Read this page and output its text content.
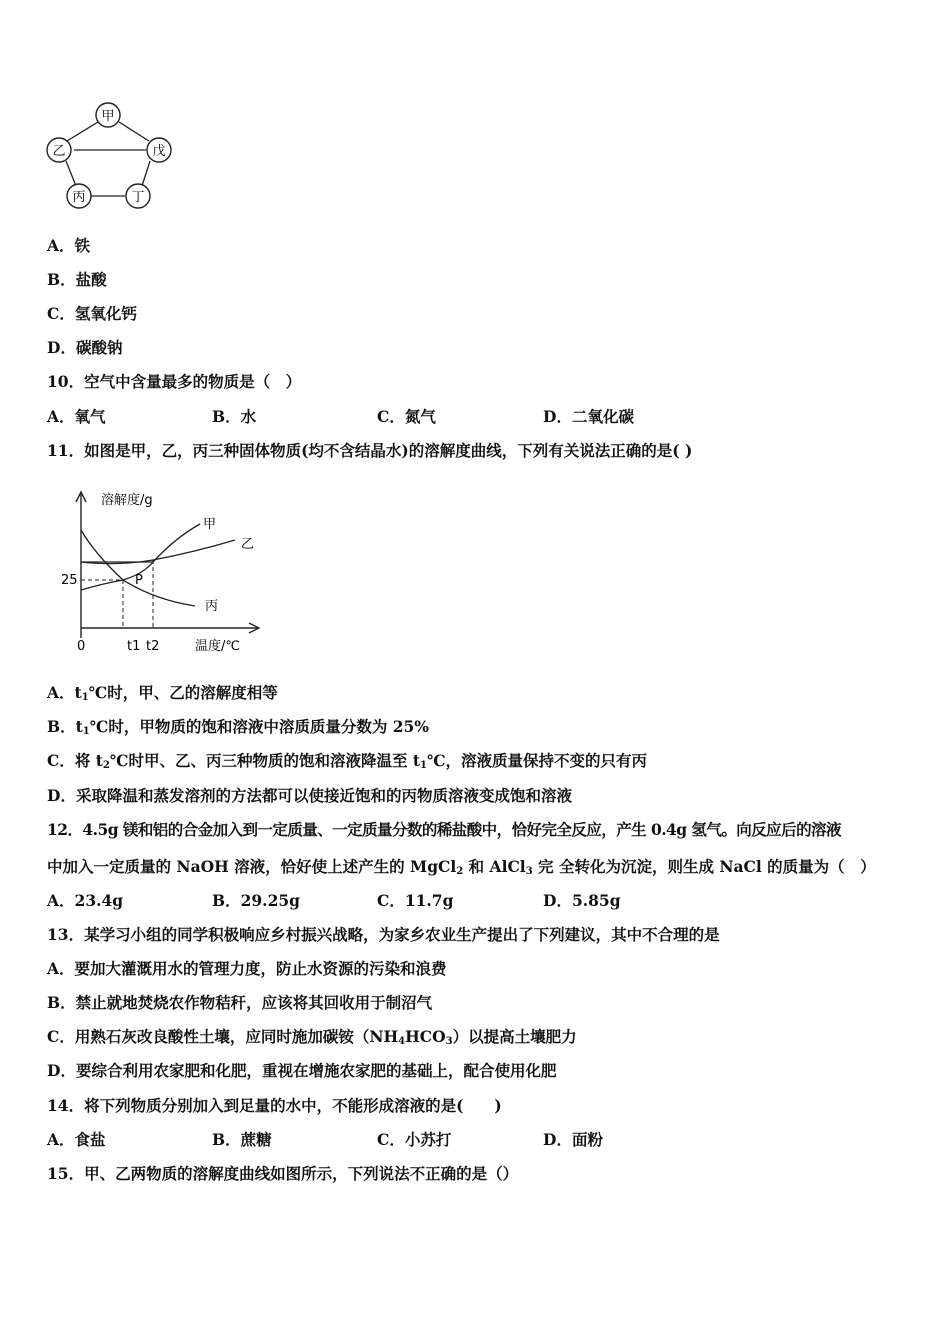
甲
乙	戊
丙	丁
A．铁
B．盐酸
C．氢氧化钙
D．碳酸钠
10．空气中含量最多的物质是（　）
A．氧气	B．水	C．氮气	D．二氧化碳
11．如图是甲，乙，丙三种固体物质(均不含结晶水)的溶解度曲线，下列有关说法正确的是( )
溶解度/g
温度/℃
0
25
t1 t2
P
甲
乙
丙
A．$t_1℃$时，甲、乙的溶解度相等
B．$t_1℃$时，甲物质的饱和溶液中溶质质量分数为 25%
C．将 $t_2℃$时甲、乙、丙三种物质的饱和溶液降温至 $t_1℃$，溶液质量保持不变的只有丙
D．采取降温和蒸发溶剂的方法都可以使接近饱和的丙物质溶液变成饱和溶液
12．4.5g 镁和铝的合金加入到一定质量、一定质量分数的稀盐酸中，恰好完全反应，产生 0.4g 氢气。向反应后的溶液
中加入一定质量的 NaOH 溶液，恰好使上述产生的 MgCl$_2$ 和 AlCl$_3$ 完 全转化为沉淀，则生成 NaCl 的质量为（　）
A．23.4g	B．29.25g	C．11.7g	D．5.85g
13．某学习小组的同学积极响应乡村振兴战略，为家乡农业生产提出了下列建议，其中不合理的是
A．要加大灌溉用水的管理力度，防止水资源的污染和浪费
B．禁止就地焚烧农作物秸秆，应该将其回收用于制沼气
C．用熟石灰改良酸性土壤，应同时施加碳铵$(NH_4HCO_3)$以提高土壤肥力
D．要综合利用农家肥和化肥，重视在增施农家肥的基础上，配合使用化肥
14．将下列物质分别加入到足量的水中，不能形成溶液的是(　　)
A．食盐	B．蔗糖	C．小苏打	D．面粉
15．甲、乙两物质的溶解度曲线如图所示，下列说法不正确的是（）
